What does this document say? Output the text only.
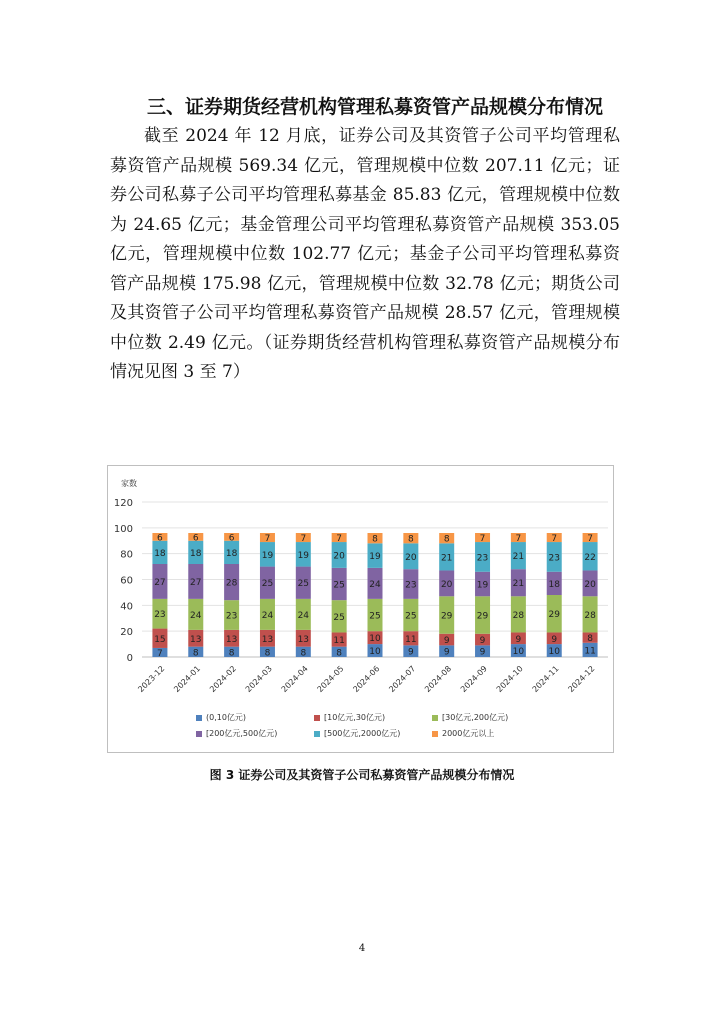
三、证券期货经营机构管理私募资管产品规模分布情况

截至 2024 年 12 月底，证券公司及其资管子公司平均管理私募资管产品规模 569.34 亿元，管理规模中位数 207.11 亿元；证券公司私募子公司平均管理私募基金 85.83 亿元，管理规模中位数为 24.65 亿元；基金管理公司平均管理私募资管产品规模 353.05 亿元，管理规模中位数 102.77 亿元；基金子公司平均管理私募资管产品规模 175.98 亿元，管理规模中位数 32.78 亿元；期货公司及其资管子公司平均管理私募资管产品规模 28.57 亿元，管理规模中位数 2.49 亿元。（证券期货经营机构管理私募资管产品规模分布情况见图 3 至 7）

家数
0
20
40
60
80
100
120
7
15
23
27
18
6
2023-12
8
13
24
27
18
6
2024-01
8
13
23
28
18
6
2024-02
8
13
24
25
19
7
2024-03
8
13
24
25
19
7
2024-04
8
11
25
25
20
7
2024-05
10
10
25
24
19
8
2024-06
9
11
25
23
20
8
2024-07
9
9
29
20
21
8
2024-08
9
9
29
19
23
7
2024-09
10
9
28
21
21
7
2024-10
10
9
29
18
23
7
2024-11
11
8
28
20
22
7
2024-12
(0,10亿元)	[10亿元,30亿元)	[30亿元,200亿元)[200亿元,500亿元)	[500亿元,2000亿元)	2000亿元以上
图 3 证券公司及其资管子公司私募资管产品规模分布情况
4
